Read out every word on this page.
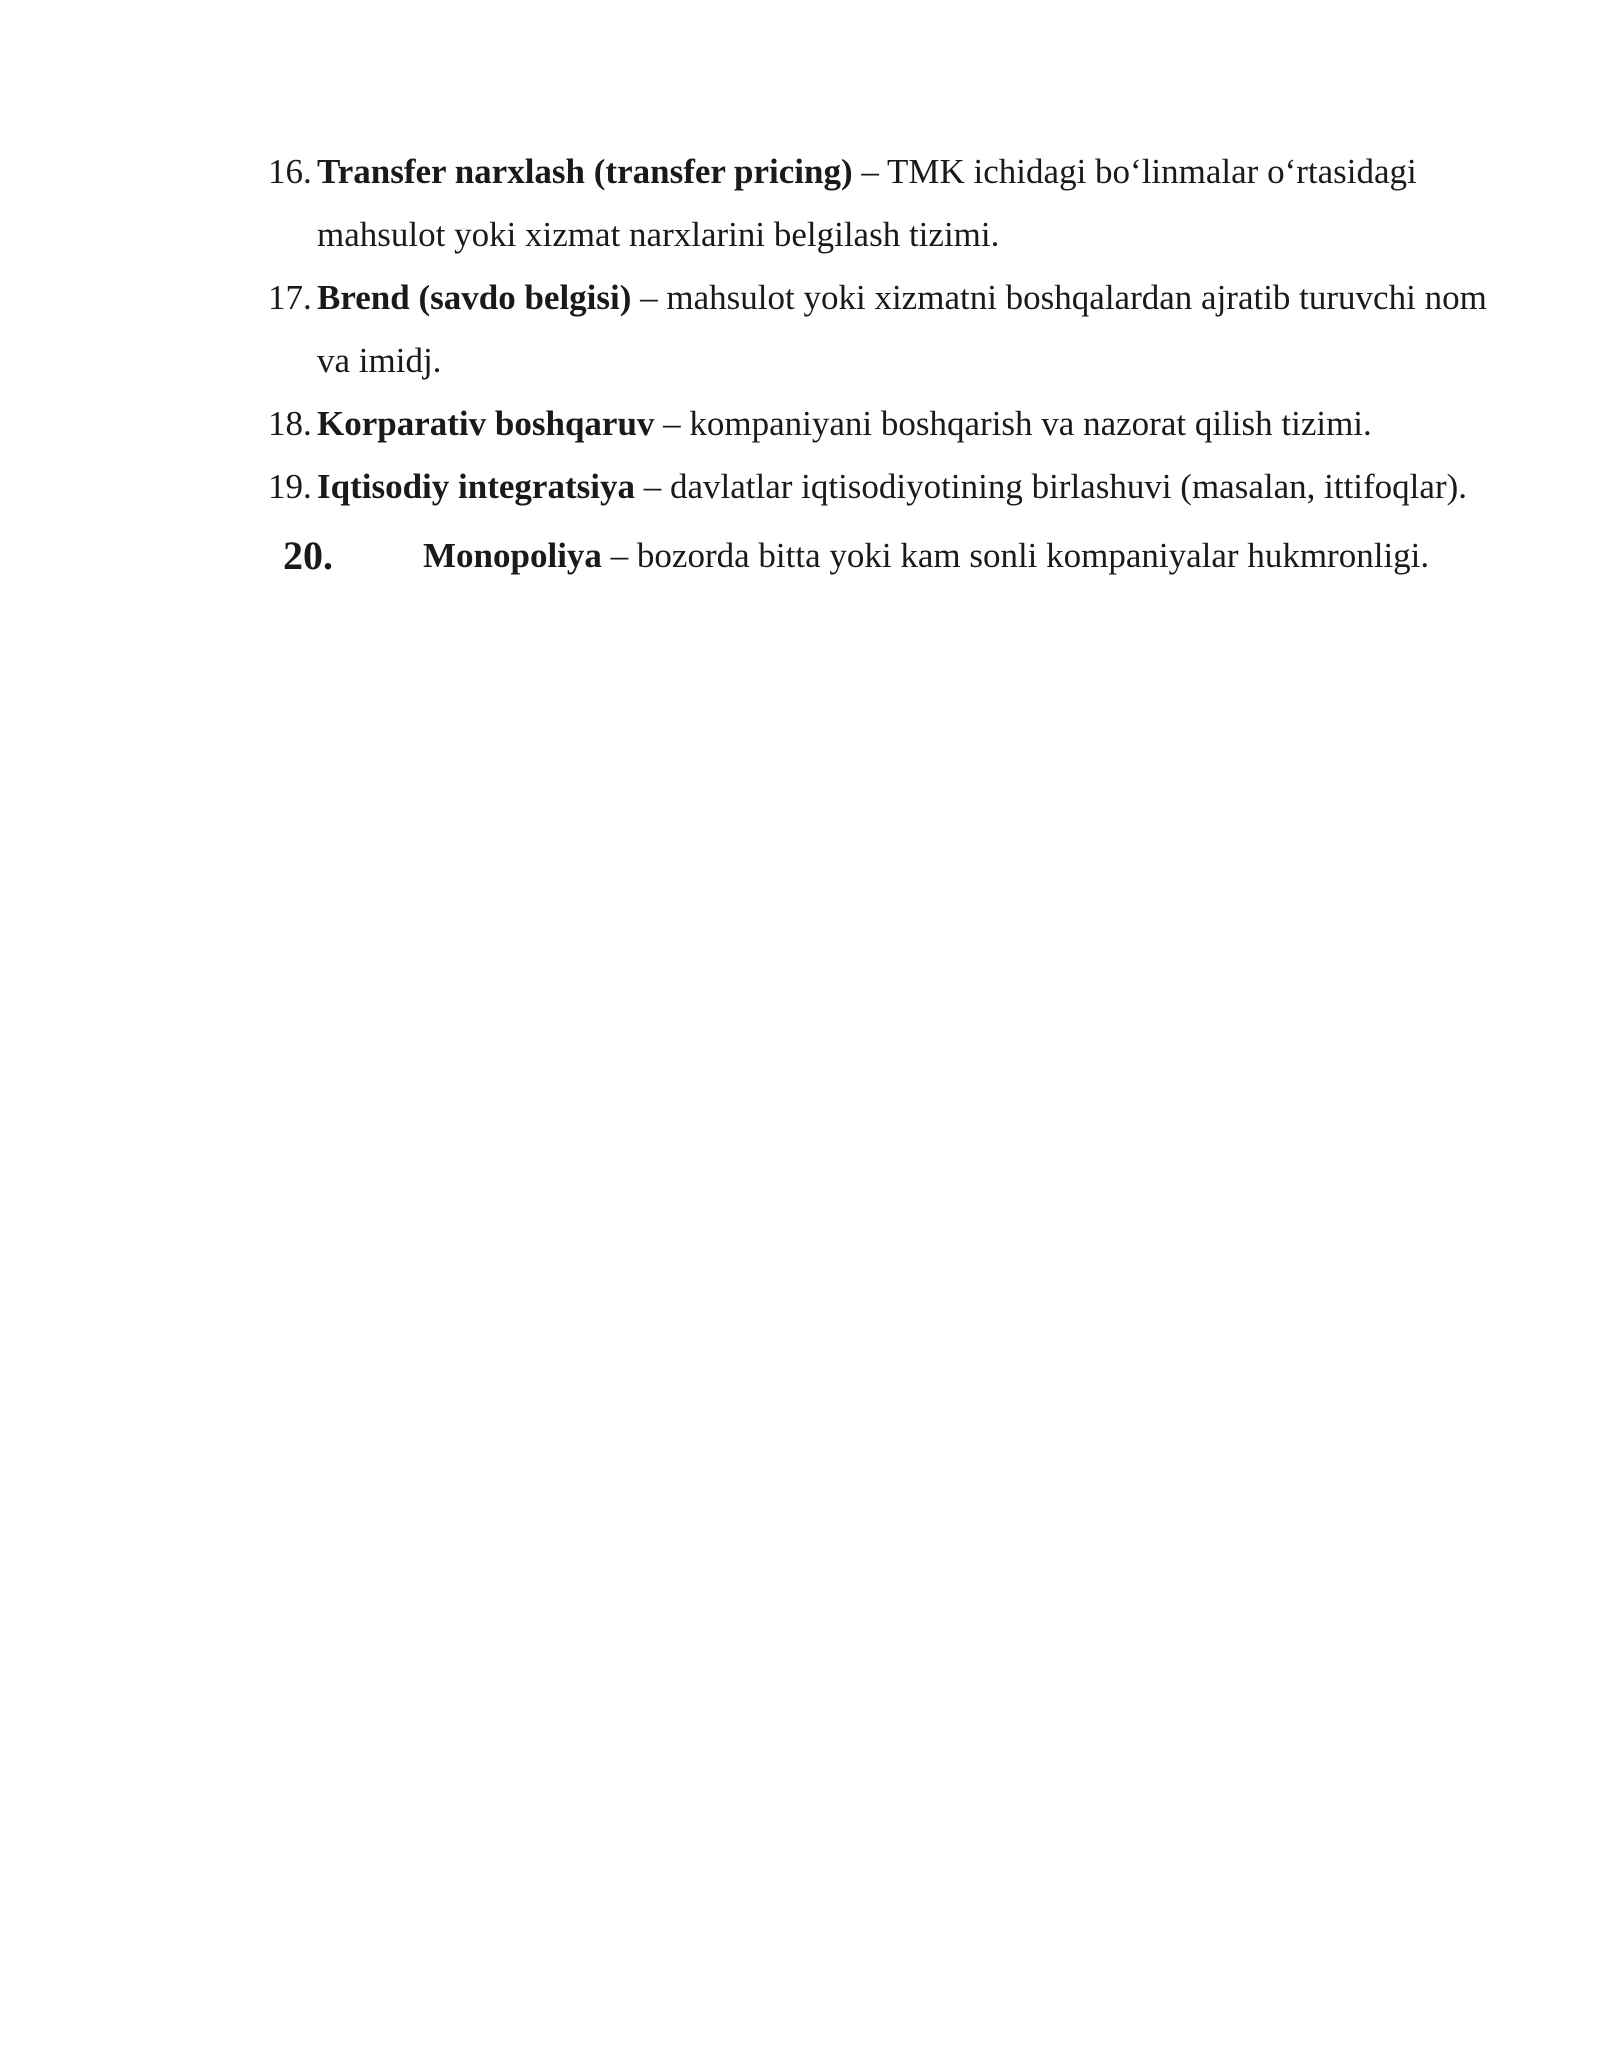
16. Transfer narxlash (transfer pricing) – TMK ichidagi bo‘linmalar o‘rtasidagi mahsulot yoki xizmat narxlarini belgilash tizimi.
17. Brend (savdo belgisi) – mahsulot yoki xizmatni boshqalardan ajratib turuvchi nom va imidj.
18. Korparativ boshqaruv – kompaniyani boshqarish va nazorat qilish tizimi.
19. Iqtisodiy integratsiya – davlatlar iqtisodiyotining birlashuvi (masalan, ittifoqlar).
20.	Monopoliya – bozorda bitta yoki kam sonli kompaniyalar hukmronligi.
